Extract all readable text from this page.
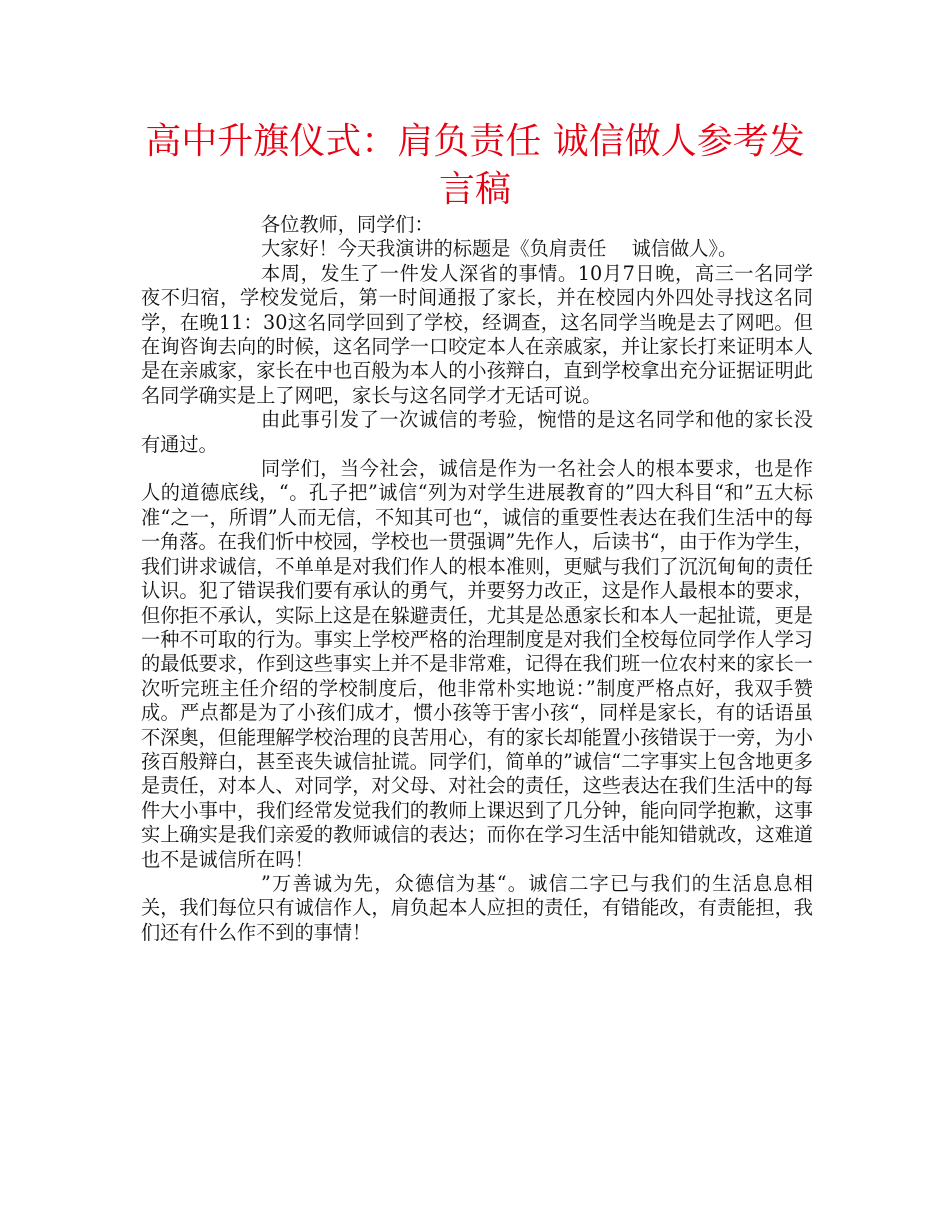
高中升旗仪式：肩负责任 诚信做人参考发言稿

各位教师，同学们：

大家好！今天我演讲的标题是《负肩责任　 诚信做人》。

本周，发生了一件发人深省的事情。10月7日晚，高三一名同学夜不归宿，学校发觉后，第一时间通报了家长，并在校园内外四处寻找这名同学，在晚11：30这名同学回到了学校，经调查，这名同学当晚是去了网吧。但在询咨询去向的时候，这名同学一口咬定本人在亲戚家，并让家长打来证明本人是在亲戚家，家长在中也百般为本人的小孩辩白，直到学校拿出充分证据证明此名同学确实是上了网吧，家长与这名同学才无话可说。

由此事引发了一次诚信的考验，惋惜的是这名同学和他的家长没有通过。

同学们，当今社会，诚信是作为一名社会人的根本要求，也是作人的道德底线，“。孔子把”诚信“列为对学生进展教育的”四大科目“和”五大标准“之一，所谓”人而无信，不知其可也“，诚信的重要性表达在我们生活中的每一角落。在我们忻中校园，学校也一贯强调”先作人，后读书“，由于作为学生，我们讲求诚信，不单单是对我们作人的根本准则，更赋与我们了沉沉甸甸的责任认识。犯了错误我们要有承认的勇气，并要努力改正，这是作人最根本的要求，但你拒不承认，实际上这是在躲避责任，尤其是怂恿家长和本人一起扯谎，更是一种不可取的行为。事实上学校严格的治理制度是对我们全校每位同学作人学习的最低要求，作到这些事实上并不是非常难，记得在我们班一位农村来的家长一次听完班主任介绍的学校制度后，他非常朴实地说：”制度严格点好，我双手赞成。严点都是为了小孩们成才，惯小孩等于害小孩“，同样是家长，有的话语虽不深奥，但能理解学校治理的良苦用心，有的家长却能置小孩错误于一旁，为小孩百般辩白，甚至丧失诚信扯谎。同学们，简单的”诚信“二字事实上包含地更多是责任，对本人、对同学，对父母、对社会的责任，这些表达在我们生活中的每件大小事中，我们经常发觉我们的教师上课迟到了几分钟，能向同学抱歉，这事实上确实是我们亲爱的教师诚信的表达；而你在学习生活中能知错就改，这难道也不是诚信所在吗！

”万善诚为先，众德信为基“。诚信二字已与我们的生活息息相关，我们每位只有诚信作人，肩负起本人应担的责任，有错能改，有责能担，我们还有什么作不到的事情！
